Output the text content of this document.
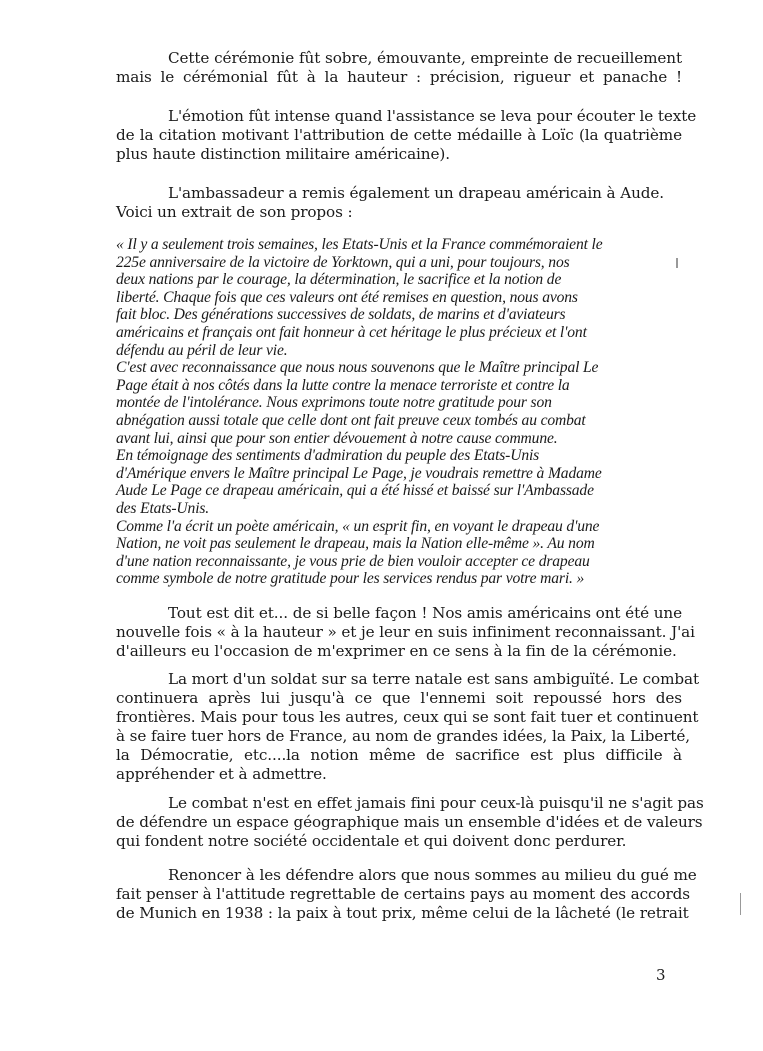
Cette cérémonie fût sobre, émouvante, empreinte de recueillement
mais le cérémonial fût à la hauteur : précision, rigueur et panache !
L'émotion fût intense quand l'assistance se leva pour écouter le texte
de la citation motivant l'attribution de cette médaille à Loïc (la quatrième
plus haute distinction militaire américaine).
L'ambassadeur a remis également un drapeau américain à Aude.
Voici un extrait de son propos :
« Il y a seulement trois semaines, les Etats-Unis et la France commémoraient le
225e anniversaire de la victoire de Yorktown, qui a uni, pour toujours, nos
deux nations par le courage, la détermination, le sacrifice et la notion de
liberté. Chaque fois que ces valeurs ont été remises en question, nous avons
fait bloc. Des générations successives de soldats, de marins et d'aviateurs
américains et français ont fait honneur à cet héritage le plus précieux et l'ont
défendu au péril de leur vie.
C'est avec reconnaissance que nous nous souvenons que le Maître principal Le
Page était à nos côtés dans la lutte contre la menace terroriste et contre la
montée de l'intolérance. Nous exprimons toute notre gratitude pour son
abnégation aussi totale que celle dont ont fait preuve ceux tombés au combat
avant lui, ainsi que pour son entier dévouement à notre cause commune.
En témoignage des sentiments d'admiration du peuple des Etats-Unis
d'Amérique envers le Maître principal Le Page, je voudrais remettre à Madame
Aude Le Page ce drapeau américain, qui a été hissé et baissé sur l'Ambassade
des Etats-Unis.
Comme l'a écrit un poète américain, « un esprit fin, en voyant le drapeau d'une
Nation, ne voit pas seulement le drapeau, mais la Nation elle-même ». Au nom
d'une nation reconnaissante, je vous prie de bien vouloir accepter ce drapeau
comme symbole de notre gratitude pour les services rendus par votre mari. »
Tout est dit et... de si belle façon ! Nos amis américains ont été une
nouvelle fois « à la hauteur » et je leur en suis infiniment reconnaissant. J'ai
d'ailleurs eu l'occasion de m'exprimer en ce sens à la fin de la cérémonie.
La mort d'un soldat sur sa terre natale est sans ambiguïté. Le combat
continuera après lui jusqu'à ce que l'ennemi soit repoussé hors des
frontières. Mais pour tous les autres, ceux qui se sont fait tuer et continuent
à se faire tuer hors de France, au nom de grandes idées, la Paix, la Liberté,
la Démocratie, etc....la notion même de sacrifice est plus difficile à
appréhender et à admettre.
Le combat n'est en effet jamais fini pour ceux-là puisqu'il ne s'agit pas
de défendre un espace géographique mais un ensemble d'idées et de valeurs
qui fondent notre société occidentale et qui doivent donc perdurer.
Renoncer à les défendre alors que nous sommes au milieu du gué me
fait penser à l'attitude regrettable de certains pays au moment des accords
de Munich en 1938 : la paix à tout prix, même celui de la lâcheté (le retrait
3
